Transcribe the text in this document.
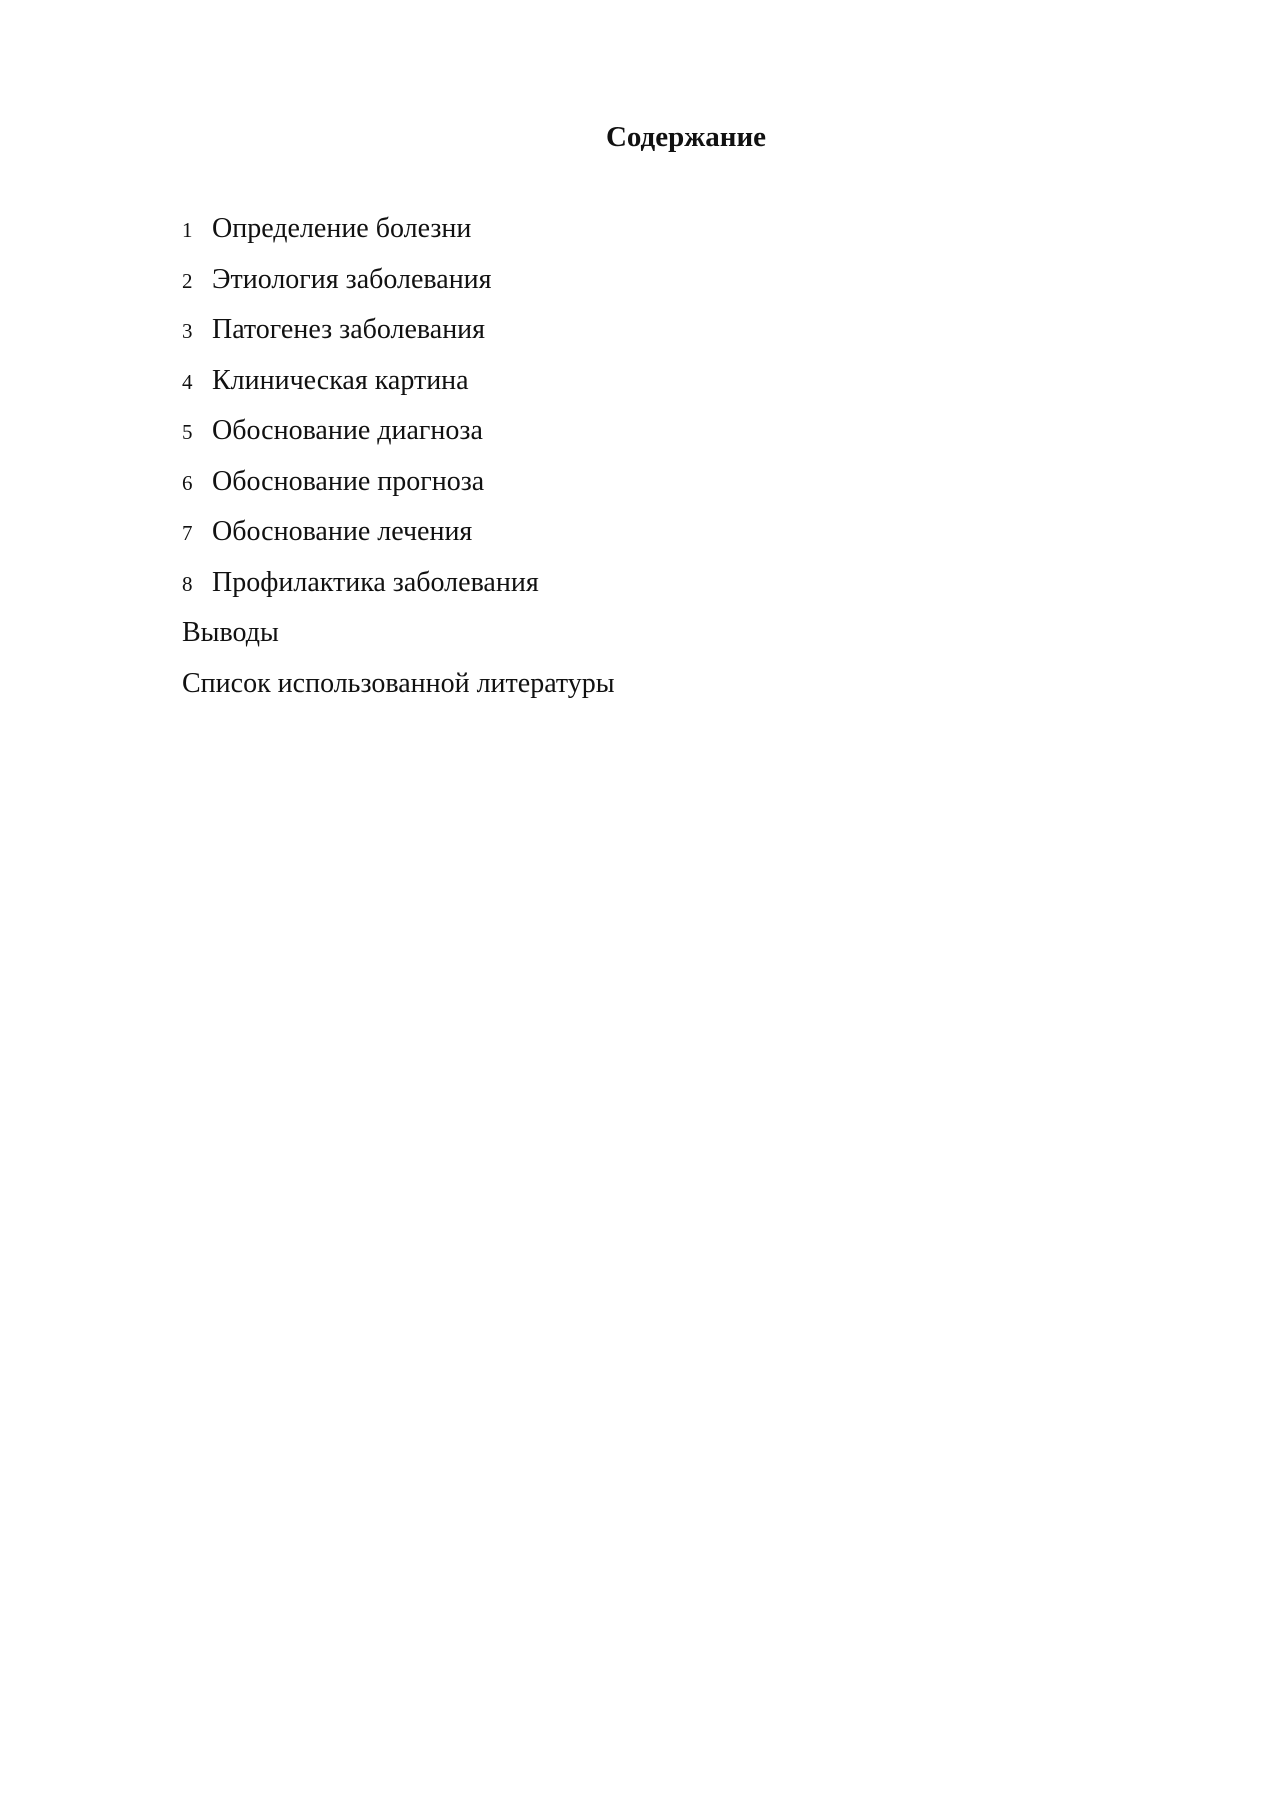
Содержание
1 Определение болезни
2 Этиология заболевания
3 Патогенез заболевания
4 Клиническая картина
5 Обоснование диагноза
6 Обоснование прогноза
7 Обоснование лечения
8 Профилактика заболевания
Выводы
Список использованной литературы
